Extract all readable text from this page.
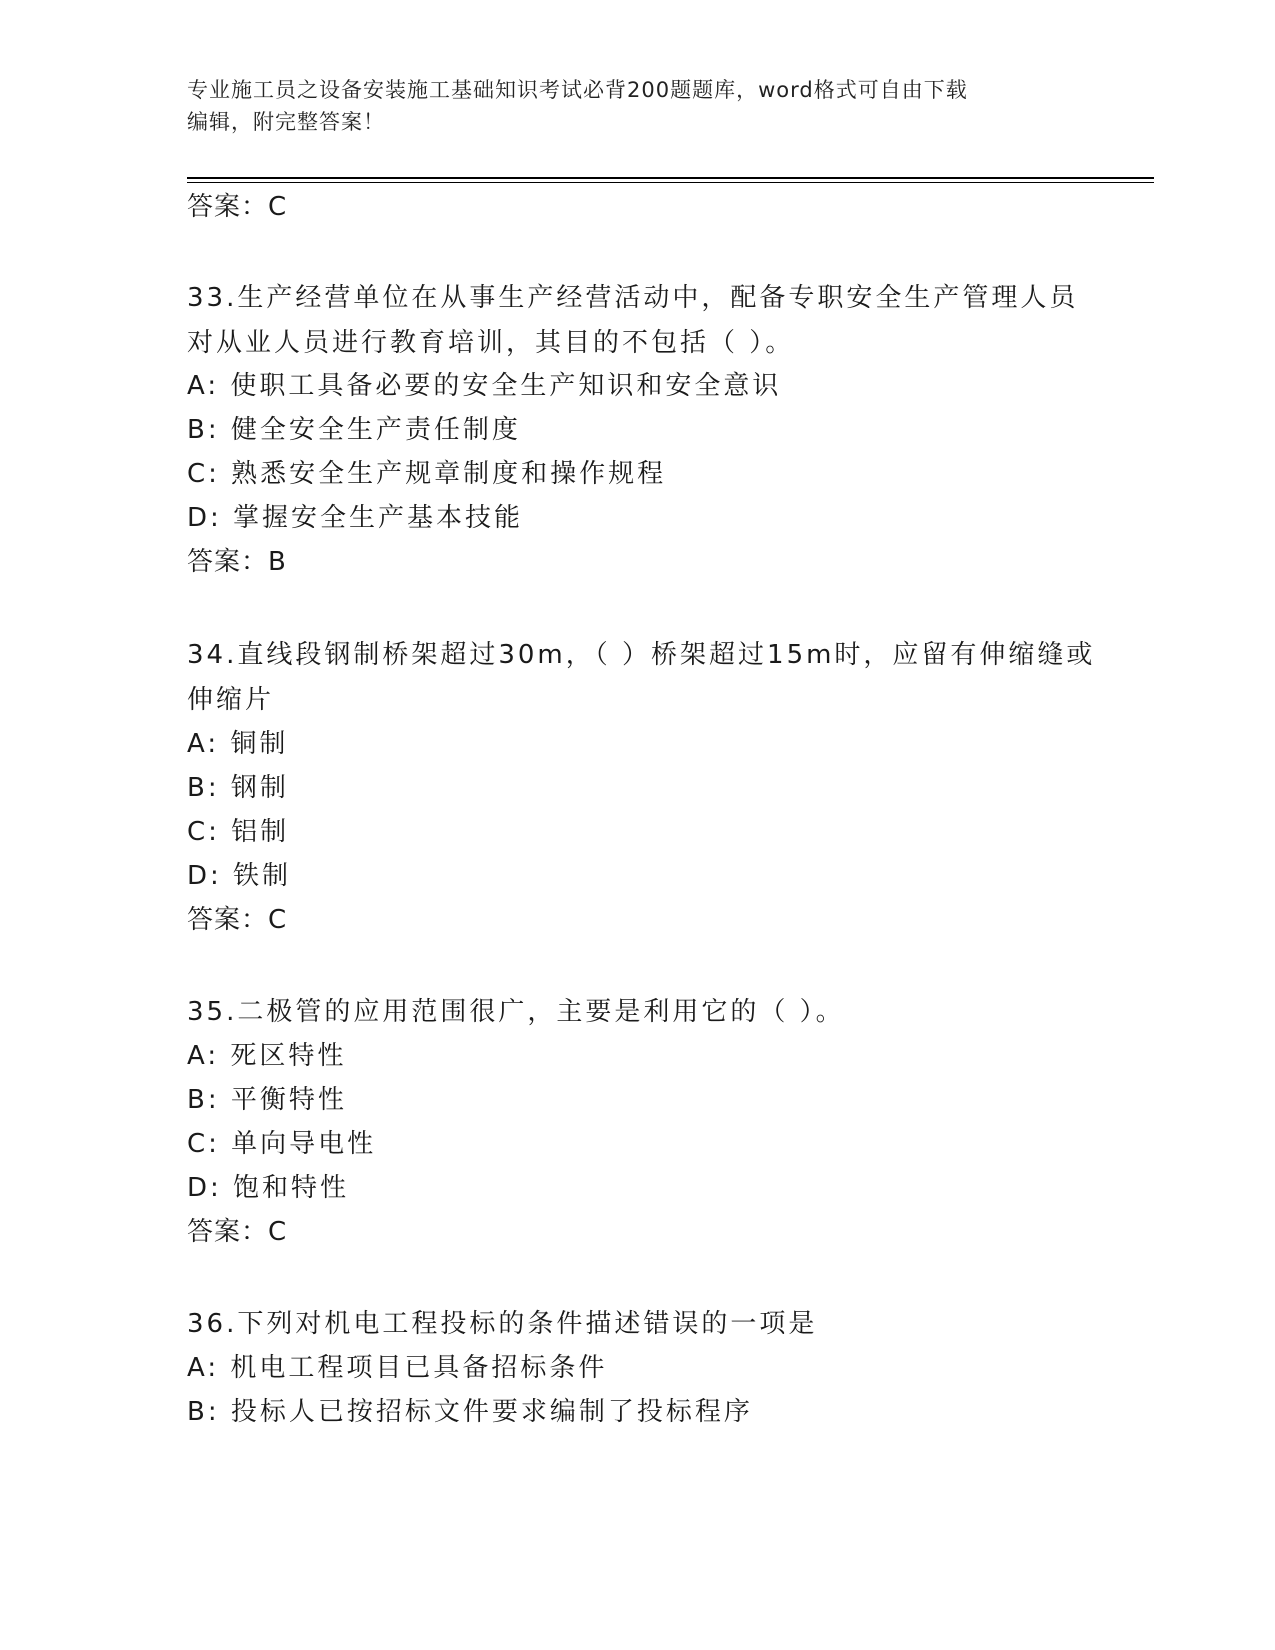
专业施工员之设备安装施工基础知识考试必背200题题库，word格式可自由下载
编辑，附完整答案！
答案：C
33.生产经营单位在从事生产经营活动中，配备专职安全生产管理人员
对从业人员进行教育培训，其目的不包括（ ）。
A: 使职工具备必要的安全生产知识和安全意识
B: 健全安全生产责任制度
C: 熟悉安全生产规章制度和操作规程
D: 掌握安全生产基本技能
答案：B
34.直线段钢制桥架超过30m，（ ）桥架超过15m时，应留有伸缩缝或
伸缩片
A: 铜制
B: 钢制
C: 铝制
D: 铁制
答案：C
35.二极管的应用范围很广，主要是利用它的（ ）。
A: 死区特性
B: 平衡特性
C: 单向导电性
D: 饱和特性
答案：C
36.下列对机电工程投标的条件描述错误的一项是
A: 机电工程项目已具备招标条件
B: 投标人已按招标文件要求编制了投标程序
